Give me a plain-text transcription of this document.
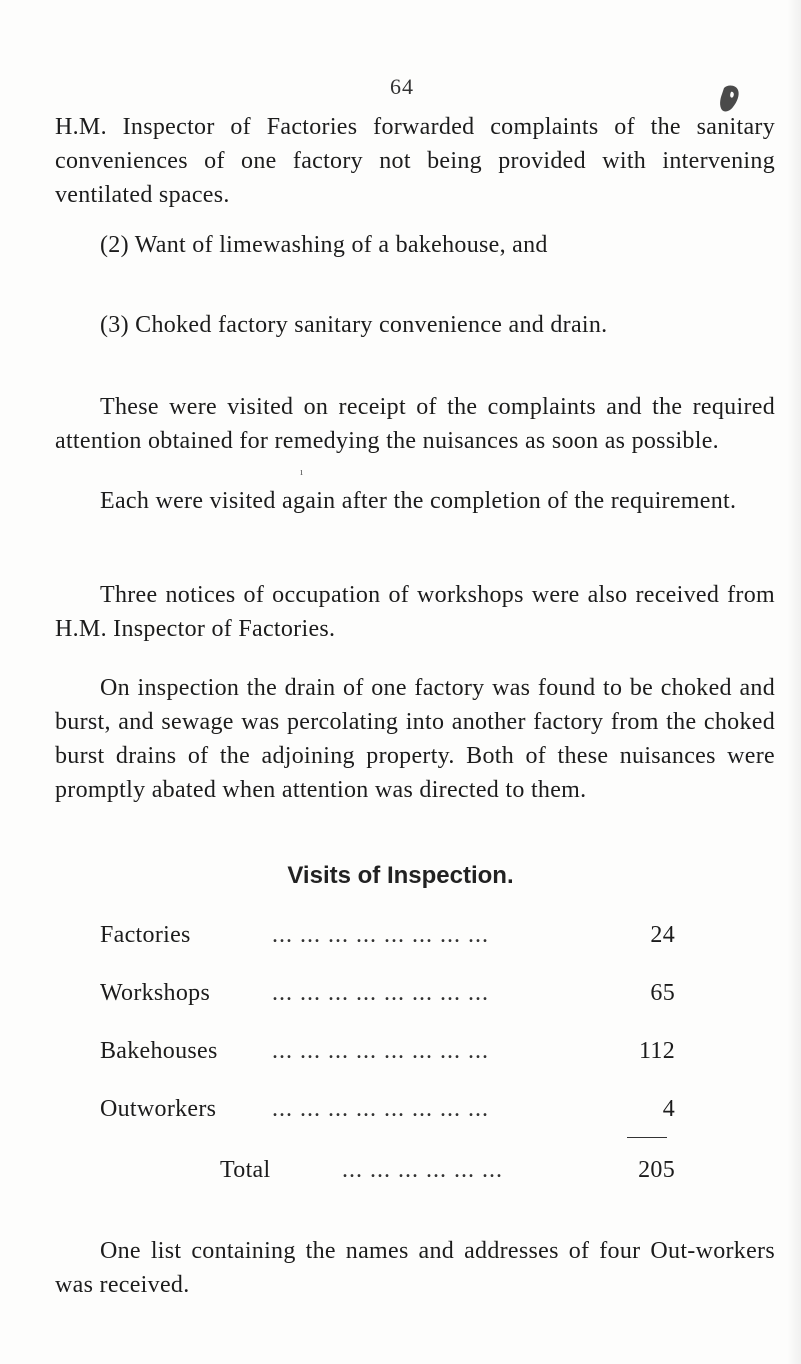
64
H.M. Inspector of Factories forwarded complaints of the sanitary conveniences of one factory not being provided with intervening ventilated spaces.
(2) Want of limewashing of a bakehouse, and
(3) Choked factory sanitary convenience and drain.
ı
These were visited on receipt of the complaints and the required attention obtained for remedying the nuisances as soon as possible.
Each were visited again after the completion of the requirement.
Three notices of occupation of workshops were also received from H.M. Inspector of Factories.
On inspection the drain of one factory was found to be choked and burst, and sewage was percolating into another factory from the choked burst drains of the adjoining property. Both of these nuisances were promptly abated when attention was directed to them.
Visits of Inspection.
Factories	... ... ... ... ... ... ... ...	24
Workshops	... ... ... ... ... ... ... ...	65
Bakehouses ... ... ... ... ... ... ... ...	112
Outworkers ... ... ... ... ... ... ... ...	4
Total	... ... ... ... ... ...	205
One list containing the names and addresses of four Out-workers was received.
